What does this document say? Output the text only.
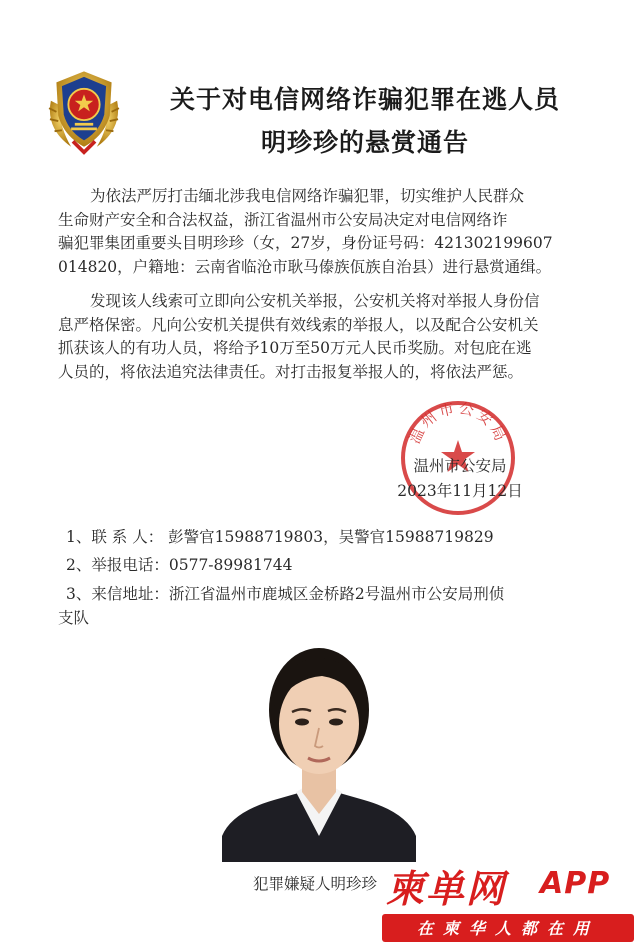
关于对电信网络诈骗犯罪在逃人员
明珍珍的悬赏通告
为依法严厉打击缅北涉我电信网络诈骗犯罪，切实维护人民群众
生命财产安全和合法权益，浙江省温州市公安局决定对电信网络诈
骗犯罪集团重要头目明珍珍（女，27岁，身份证号码：421302199607
014820，户籍地：云南省临沧市耿马傣族佤族自治县）进行悬赏通缉。
发现该人线索可立即向公安机关举报，公安机关将对举报人身份信
息严格保密。凡向公安机关提供有效线索的举报人，以及配合公安机关
抓获该人的有功人员，将给予10万至50万元人民币奖励。对包庇在逃
人员的，将依法追究法律责任。对打击报复举报人的，将依法严惩。
温州市公安局
温州市公安局
2023年11月12日
1、联 系 人： 彭警官15988719803，吴警官15988719829
2、举报电话：0577-89981744
3、来信地址：浙江省温州市鹿城区金桥路2号温州市公安局刑侦
支队
犯罪嫌疑人明珍珍 柬单网 APP
在柬华人都在用
